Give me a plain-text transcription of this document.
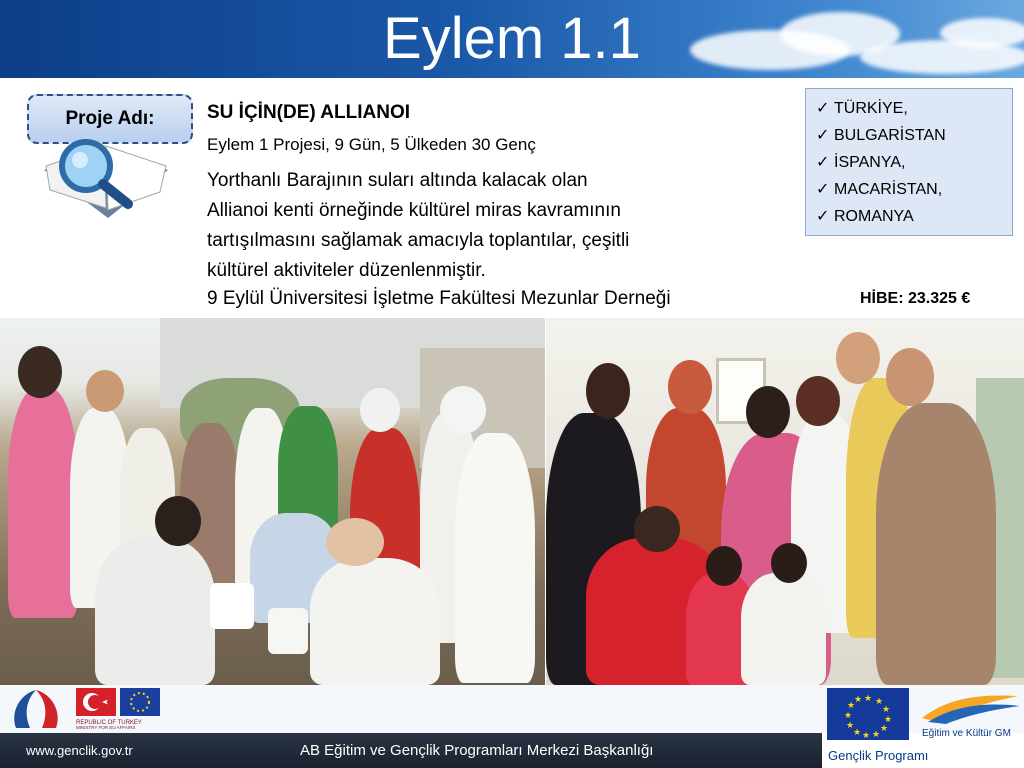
Eylem 1.1
Proje Adı:	SU İÇİN(DE) ALLIANOI
Eylem 1 Projesi, 9 Gün, 5 Ülkeden 30 Genç
Yorthanlı Barajının suları altında kalacak olan
Allianoi kenti örneğinde kültürel miras kavramının
tartışılmasını sağlamak amacıyla toplantılar, çeşitli
kültürel aktiviteler düzenlenmiştir.
9 Eylül Üniversitesi İşletme Fakültesi Mezunlar Derneği	HİBE: 23.325 €
✓ TÜRKİYE,
✓ BULGARİSTAN
✓ İSPANYA,
✓ MACARİSTAN,
✓ ROMANYA
REPUBLIC OF TURKEY
MINISTRY FOR EU AFFAIRS
★ ★
★
★
★
★
★
★
★
★
★
★
Eğitim ve Kültür GM
www.genclik.gov.tr	AB Eğitim ve Gençlik Programları Merkezi Başkanlığı	Gençlik Programı
